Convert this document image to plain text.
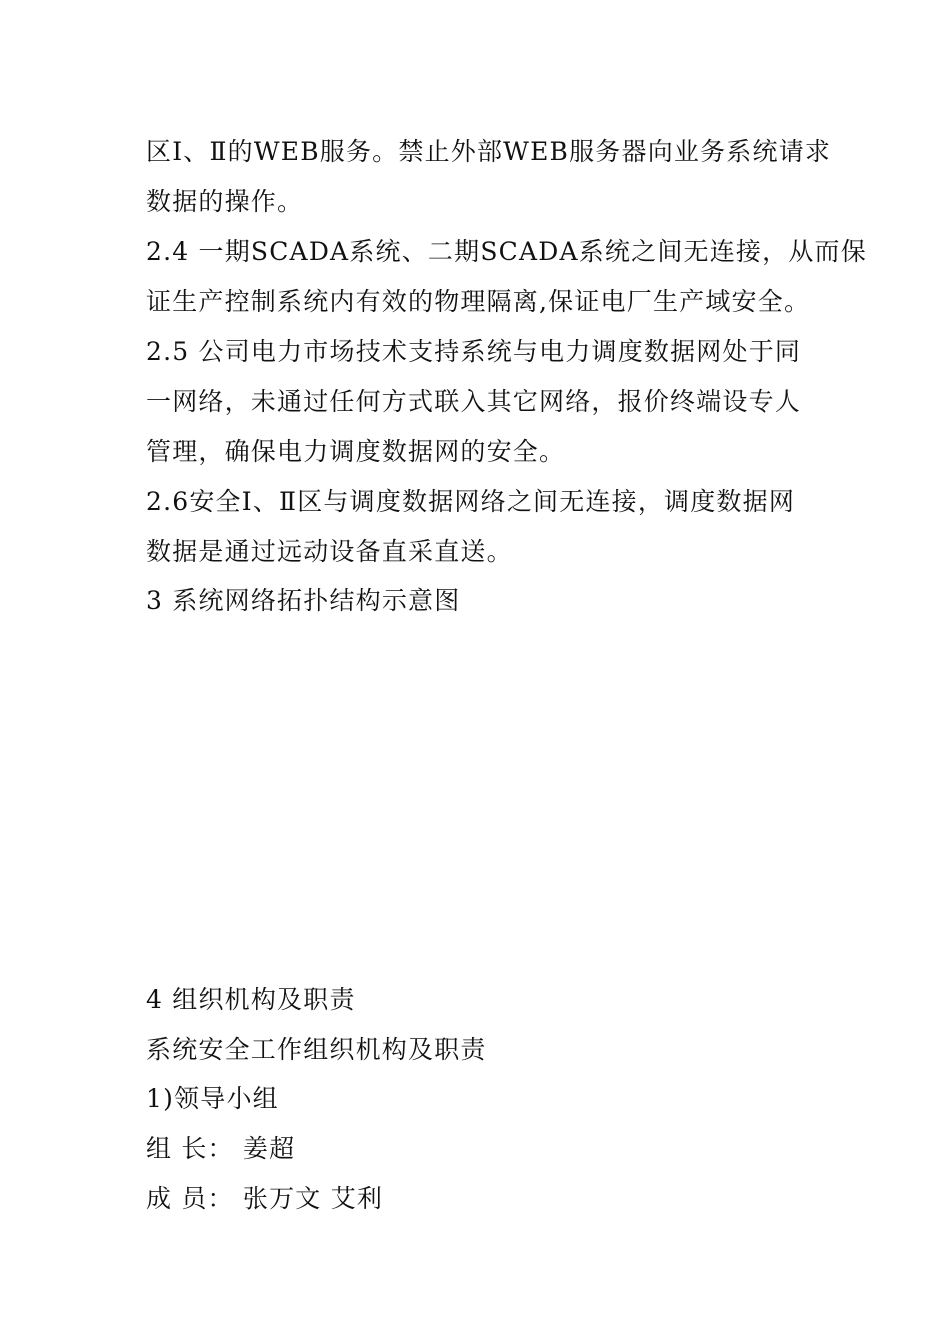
区Ⅰ、Ⅱ的WEB服务。禁止外部WEB服务器向业务系统请求
数据的操作。
2.4 一期SCADA系统、二期SCADA系统之间无连接，从而保
证生产控制系统内有效的物理隔离,保证电厂生产域安全。
2.5 公司电力市场技术支持系统与电力调度数据网处于同
一网络，未通过任何方式联入其它网络，报价终端设专人
管理，确保电力调度数据网的安全。
2.6安全Ⅰ、Ⅱ区与调度数据网络之间无连接，调度数据网
数据是通过远动设备直采直送。
3 系统网络拓扑结构示意图
4 组织机构及职责
系统安全工作组织机构及职责
1)领导小组
组 长： 姜超
成 员： 张万文 艾利
